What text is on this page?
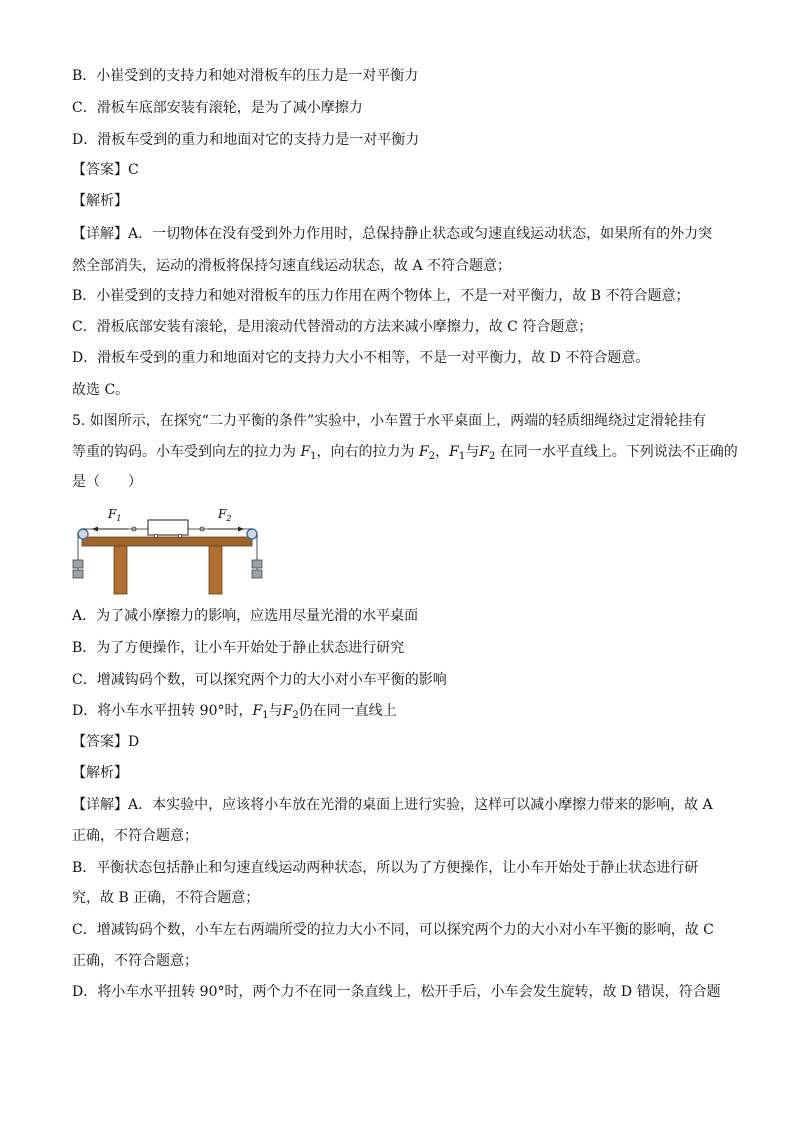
B．小崔受到的支持力和她对滑板车的压力是一对平衡力
C．滑板车底部安装有滚轮，是为了减小摩擦力
D．滑板车受到的重力和地面对它的支持力是一对平衡力
【答案】C
【解析】
【详解】A．一切物体在没有受到外力作用时，总保持静止状态或匀速直线运动状态，如果所有的外力突
然全部消失，运动的滑板将保持匀速直线运动状态，故 A 不符合题意；
B．小崔受到的支持力和她对滑板车的压力作用在两个物体上，不是一对平衡力，故 B 不符合题意；
C．滑板底部安装有滚轮，是用滚动代替滑动的方法来减小摩擦力，故 C 符合题意；
D．滑板车受到的重力和地面对它的支持力大小不相等，不是一对平衡力，故 D 不符合题意。
故选 C。
5. 如图所示，在探究“二力平衡的条件”实验中，小车置于水平桌面上，两端的轻质细绳绕过定滑轮挂有
等重的钩码。小车受到向左的拉力为 $F_1$，向右的拉力为 $F_2$，$F_1$与$F_2$ 在同一水平直线上。下列说法不正确的
是（　　）
$F_1$	$F_2$
A．为了减小摩擦力的影响，应选用尽量光滑的水平桌面
B．为了方便操作，让小车开始处于静止状态进行研究
C．增减钩码个数，可以探究两个力的大小对小车平衡的影响
D．将小车水平扭转 90°时，$F_1$与$F_2$仍在同一直线上
【答案】D
【解析】
【详解】A．本实验中，应该将小车放在光滑的桌面上进行实验，这样可以减小摩擦力带来的影响，故 A
正确，不符合题意；
B．平衡状态包括静止和匀速直线运动两种状态，所以为了方便操作，让小车开始处于静止状态进行研
究，故 B 正确，不符合题意；
C．增减钩码个数，小车左右两端所受的拉力大小不同，可以探究两个力的大小对小车平衡的影响，故 C
正确，不符合题意；
D．将小车水平扭转 90°时，两个力不在同一条直线上，松开手后，小车会发生旋转，故 D 错误，符合题
